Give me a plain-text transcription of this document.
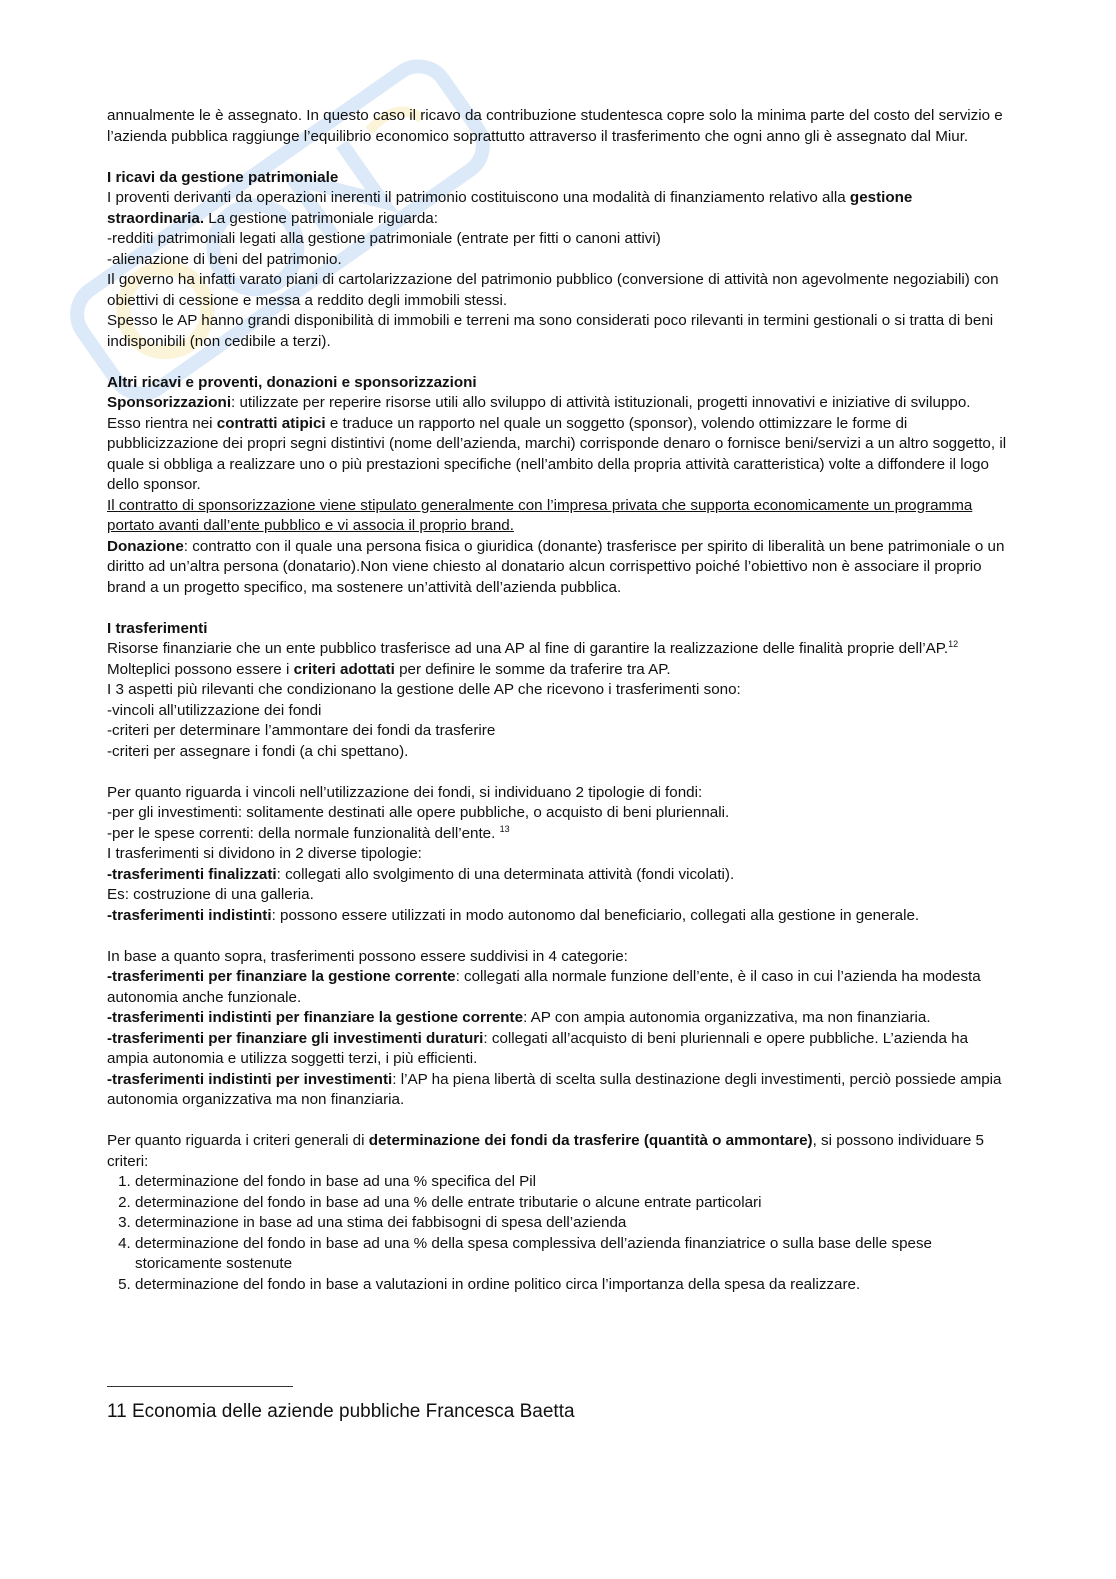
annualmente le è assegnato. In questo caso il ricavo da contribuzione studentesca copre solo la minima parte del costo del servizio e l’azienda pubblica raggiunge l’equilibrio economico soprattutto attraverso il trasferimento che ogni anno gli è assegnato dal Miur.

I ricavi da gestione patrimoniale

I proventi derivanti da operazioni inerenti il patrimonio costituiscono una modalità di finanziamento relativo alla gestione straordinaria. La gestione patrimoniale riguarda:

-redditi patrimoniali legati alla gestione patrimoniale (entrate per fitti o canoni attivi)

-alienazione di beni del patrimonio.

Il governo ha infatti varato piani di cartolarizzazione del patrimonio pubblico (conversione di attività non agevolmente negoziabili) con obiettivi di cessione e messa a reddito degli immobili stessi.

Spesso le AP hanno grandi disponibilità di immobili e terreni ma sono considerati poco rilevanti in termini gestionali o si tratta di beni indisponibili (non cedibile a terzi).

Altri ricavi e proventi, donazioni e sponsorizzazioni

Sponsorizzazioni: utilizzate per reperire risorse utili allo sviluppo di attività istituzionali, progetti innovativi e iniziative di sviluppo. Esso rientra nei contratti atipici e traduce un rapporto nel quale un soggetto (sponsor), volendo ottimizzare le forme di pubblicizzazione dei propri segni distintivi (nome dell’azienda, marchi) corrisponde denaro o fornisce beni/servizi a un altro soggetto, il quale si obbliga a realizzare uno o più prestazioni specifiche (nell’ambito della propria attività caratteristica) volte a diffondere il logo dello sponsor.

Il contratto di sponsorizzazione viene stipulato generalmente con l’impresa privata che supporta economicamente un programma portato avanti dall’ente pubblico e vi associa il proprio brand.

Donazione: contratto con il quale una persona fisica o giuridica (donante) trasferisce per spirito di liberalità un bene patrimoniale o un diritto ad un’altra persona (donatario).Non viene chiesto al donatario alcun corrispettivo poiché l’obiettivo non è associare il proprio brand a un progetto specifico, ma sostenere un’attività dell’azienda pubblica.

I trasferimenti

Risorse finanziarie che un ente pubblico trasferisce ad una AP al fine di garantire la realizzazione delle finalità proprie dell’AP.$^{12}$ Molteplici possono essere i criteri adottati per definire le somme da traferire tra AP.

I 3 aspetti più rilevanti che condizionano la gestione delle AP che ricevono i trasferimenti sono:

-vincoli all’utilizzazione dei fondi

-criteri per determinare l’ammontare dei fondi da trasferire

-criteri per assegnare i fondi (a chi spettano).

Per quanto riguarda i vincoli nell’utilizzazione dei fondi, si individuano 2 tipologie di fondi:

-per gli investimenti: solitamente destinati alle opere pubbliche, o acquisto di beni pluriennali.

-per le spese correnti: della normale funzionalità dell’ente. $^{13}$

I trasferimenti si dividono in 2 diverse tipologie:

-trasferimenti finalizzati: collegati allo svolgimento di una determinata attività (fondi vicolati).

Es: costruzione di una galleria.

-trasferimenti indistinti: possono essere utilizzati in modo autonomo dal beneficiario, collegati alla gestione in generale.

In base a quanto sopra, trasferimenti possono essere suddivisi in 4 categorie:

-trasferimenti per finanziare la gestione corrente: collegati alla normale funzione dell’ente, è il caso in cui l’azienda ha modesta autonomia anche funzionale.

-trasferimenti indistinti per finanziare la gestione corrente: AP con ampia autonomia organizzativa, ma non finanziaria.

-trasferimenti per finanziare gli investimenti duraturi: collegati all’acquisto di beni pluriennali e opere pubbliche. L’azienda ha ampia autonomia e utilizza soggetti terzi, i più efficienti.

-trasferimenti indistinti per investimenti: l’AP ha piena libertà di scelta sulla destinazione degli investimenti, perciò possiede ampia autonomia organizzativa ma non finanziaria.

Per quanto riguarda i criteri generali di determinazione dei fondi da trasferire (quantità o ammontare), si possono individuare 5 criteri:

1. determinazione del fondo in base ad una % specifica del Pil
2. determinazione del fondo in base ad una % delle entrate tributarie o alcune entrate particolari
3. determinazione in base ad una stima dei fabbisogni di spesa dell’azienda
4. determinazione del fondo in base ad una % della spesa complessiva dell’azienda finanziatrice o sulla base delle spese storicamente sostenute
5. determinazione del fondo in base a valutazioni in ordine politico circa l’importanza della spesa da realizzare.
11 Economia delle aziende pubbliche Francesca Baetta
